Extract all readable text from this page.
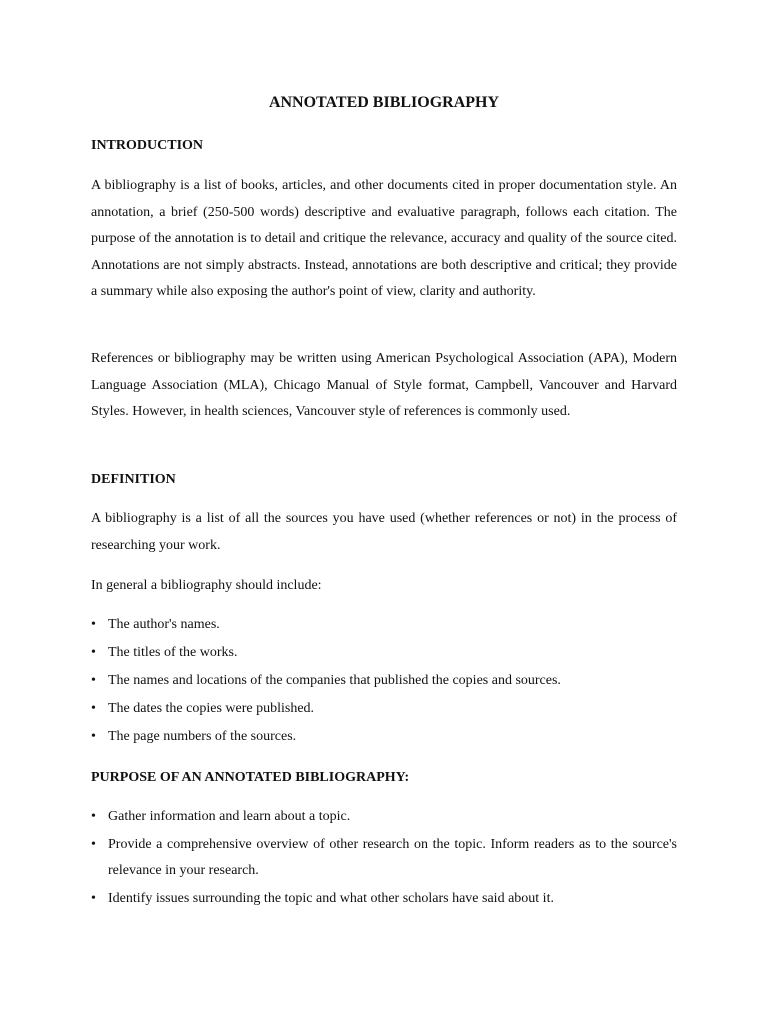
ANNOTATED BIBLIOGRAPHY
INTRODUCTION

A bibliography is a list of books, articles, and other documents cited in proper documentation style. An annotation, a brief (250-500 words) descriptive and evaluative paragraph, follows each citation. The purpose of the annotation is to detail and critique the relevance, accuracy and quality of the source cited. Annotations are not simply abstracts. Instead, annotations are both descriptive and critical; they provide a summary while also exposing the author's point of view, clarity and authority.

References or bibliography may be written using American Psychological Association (APA), Modern Language Association (MLA), Chicago Manual of Style format, Campbell, Vancouver and Harvard Styles. However, in health sciences, Vancouver style of references is commonly used.

DEFINITION

A bibliography is a list of all the sources you have used (whether references or not) in the process of researching your work.

In general a bibliography should include:

• The author's names.
• The titles of the works.
• The names and locations of the companies that published the copies and sources.
• The dates the copies were published.
• The page numbers of the sources.
PURPOSE OF AN ANNOTATED BIBLIOGRAPHY:
• Gather information and learn about a topic.
• Provide a comprehensive overview of other research on the topic. Inform readers as to the source's relevance in your research.
• Identify issues surrounding the topic and what other scholars have said about it.
